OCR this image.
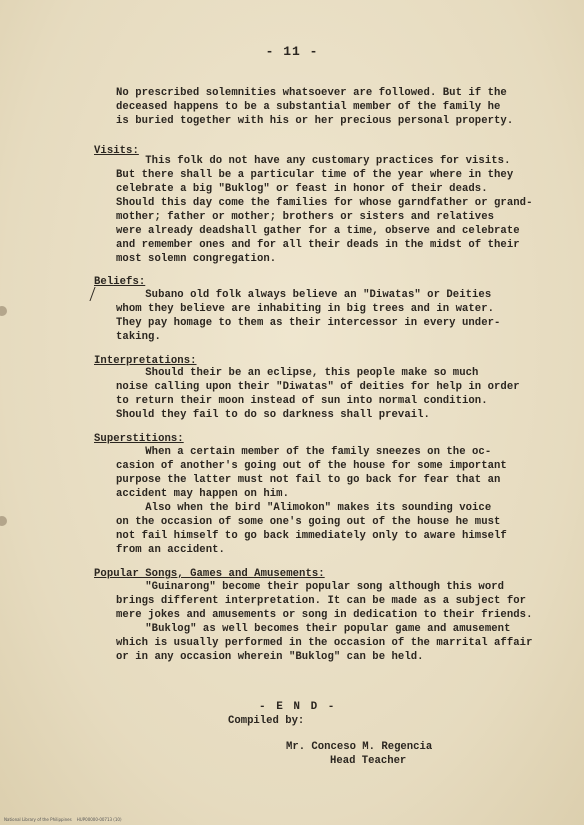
- 11 -
No prescribed solemnities whatsoever are followed. But if the
deceased happens to be a substantial member of the family he
is buried together with his or her precious personal property.
Visits:
This folk do not have any customary practices for visits.
But there shall be a particular time of the year where in they
celebrate a big "Buklog" or feast in honor of their deads.
Should this day come the families for whose garndfather or grand-
mother; father or mother; brothers or sisters and relatives
were already deadshall gather for a time, observe and celebrate
and remember ones and for all their deads in the midst of their
most solemn congregation.
Beliefs:
Subano old folk always believe an "Diwatas" or Deities
whom they believe are inhabiting in big trees and in water.
They pay homage to them as their intercessor in every under-
taking.
Interpretations:
Should their be an eclipse, this people make so much
noise calling upon their "Diwatas" of deities for help in order
to return their moon instead of sun into normal condition.
Should they fail to do so darkness shall prevail.
Superstitions:
When a certain member of the family sneezes on the oc-
casion of another's going out of the house for some important
purpose the latter must not fail to go back for fear that an
accident may happen on him.
Also when the bird "Alimokon" makes its sounding voice
on the occasion of some one's going out of the house he must
not fail himself to go back immediately only to aware himself
from an accident.
Popular Songs, Games and Amusements:
"Guinarong" become their popular song although this word
brings different interpretation. It can be made as a subject for
mere jokes and amusements or song in dedication to their friends.
"Buklog" as well becomes their popular game and amusement
which is usually performed in the occasion of the marrital affair
or in any occasion wherein "Buklog" can be held.
- E N D -
Compiled by:
Mr. Conceso M. Regencia
Head Teacher
National Library of the Philippines    HUP00000-00713 (10)
